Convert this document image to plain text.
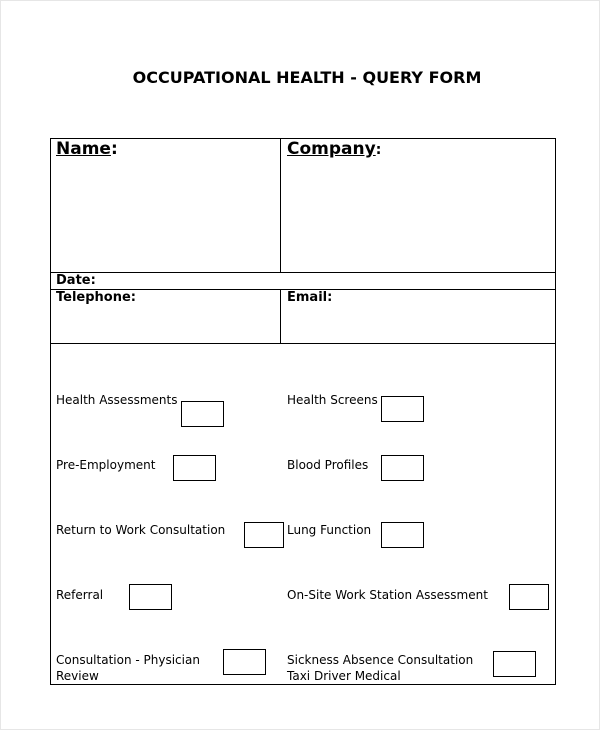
OCCUPATIONAL HEALTH - QUERY FORM
Name:	Company:
Date:
Telephone:	Email:
Health Assessments
Pre-Employment
Return to Work Consultation
Referral
Consultation - Physician
Review
Health Screens
Blood Profiles
Lung Function
On-Site Work Station Assessment
Sickness Absence Consultation
Taxi Driver Medical
